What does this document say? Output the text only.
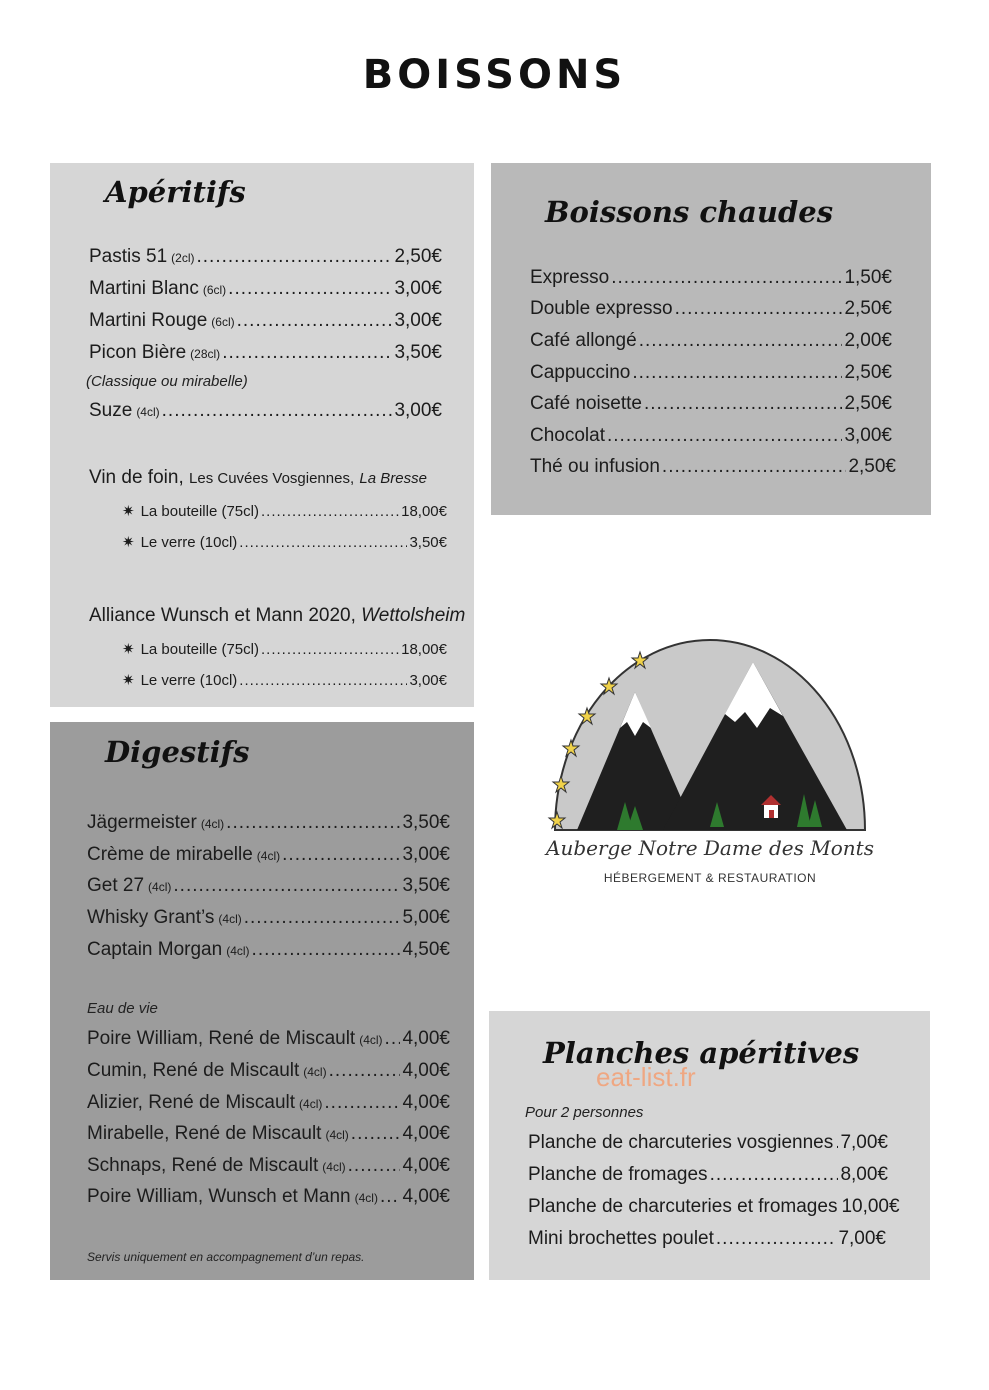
BOISSONS
Apéritifs
Pastis 51 (2cl) .....	2,50€
Martini Blanc (6cl) .....	3,00€
Martini Rouge (6cl) .....	3,00€
Picon Bière (28cl) .....	3,50€
(Classique ou mirabelle)
Suze (4cl) .....	3,00€
Vin de foin, Les Cuvées Vosgiennes, La Bresse
✷ La bouteille (75cl) .....	18,00€
✷ Le verre (10cl) .....	3,50€
Alliance Wunsch et Mann 2020, Wettolsheim
✷ La bouteille (75cl) .....	18,00€
✷ Le verre (10cl) .....	3,00€
Digestifs
Jägermeister (4cl) .....	3,50€
Crème de mirabelle (4cl) .....	3,00€
Get 27 (4cl) .....	3,50€
Whisky Grant’s (4cl) .....	5,00€
Captain Morgan (4cl) .....	4,50€
Eau de vie
Poire William, René de Miscault (4cl) ..... 4,00€
Cumin, René de Miscault (4cl) .....	4,00€
Alizier, René de Miscault (4cl) .....	4,00€
Mirabelle, René de Miscault (4cl) .....	4,00€
Schnaps, René de Miscault (4cl) .....	4,00€
Poire William, Wunsch et Mann (4cl) ..... 4,00€
Servis uniquement en accompagnement d’un repas.
Boissons chaudes
Expresso .....	1,50€
Double expresso .....	2,50€
Café allongé .....	2,00€
Cappuccino .....	2,50€
Café noisette .....	2,50€
Chocolat .....	3,00€
Thé ou infusion .....	2,50€
Auberge Notre Dame des Monts
HÉBERGEMENT & RESTAURATION
Planches apéritives
eat-list.fr
Pour 2 personnes
Planche de charcuteries vosgiennes ..... 7,00€
Planche de fromages .....	8,00€
Planche de charcuteries et fromages 10,00€
Mini brochettes poulet .....	7,00€
